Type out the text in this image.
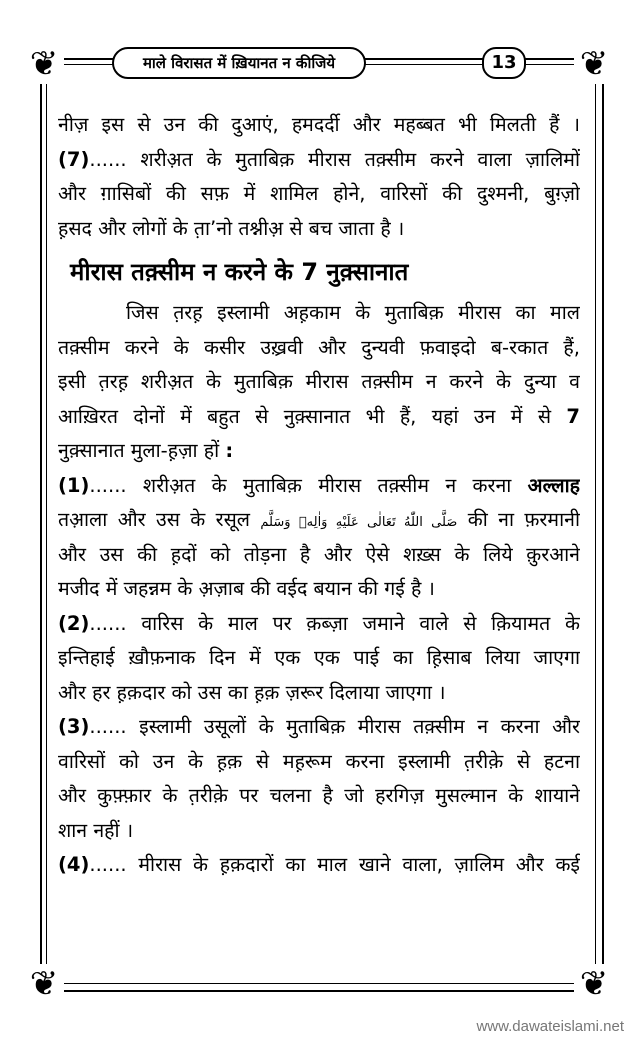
❦	❦
❦	❦
माले विरासत में ख़ियानत न कीजिये	13
नीज़ इस से उन की दुआएं, हमदर्दी और महब्बत भी मिलती हैं ।
(7)...... शरीअ़त के मुताबिक़ मीरास तक़्सीम करने वाला ज़ालिमों
और ग़ासिबों की सफ़ में शामिल होने, वारिसों की दुश्मनी, बुग़्ज़ो
ह़सद और लोगों के त़ा’नो तश्नीअ़ से बच जाता है ।
मीरास तक़्सीम न करने के 7 नुक़्सानात
जिस त़रह़ इस्लामी अह़काम के मुताबिक़ मीरास का माल
तक़्सीम करने के कसीर उख़्रवी और दुन्यवी फ़वाइदो ब-रकात हैं,
इसी त़रह़ शरीअ़त के मुताबिक़ मीरास तक़्सीम न करने के दुन्या व
आख़िरत दोनों में बहुत से नुक़्सानात भी हैं, यहां उन में से 7
नुक़्सानात मुला-ह़ज़ा हों :
(1)...... शरीअ़त के मुताबिक़ मीरास तक़्सीम न करना अल्लाह
तआ़ला और उस के रसूल صَلَّى اللّٰهُ تَعَالٰى عَلَيْهِ وَاٰلِهٖ وَسَلَّم की ना फ़रमानी
और उस की ह़दों को तोड़ना है और ऐसे शख़्स के लिये क़ुरआने
मजीद में जहन्नम के अ़ज़ाब की वईद बयान की गई है ।
(2)...... वारिस के माल पर क़ब्ज़ा जमाने वाले से क़ियामत के
इन्तिहाई ख़ौफ़नाक दिन में एक एक पाई का ह़िसाब लिया जाएगा
और हर ह़क़दार को उस का ह़क़ ज़रूर दिलाया जाएगा ।
(3)...... इस्लामी उसूलों के मुताबिक़ मीरास तक़्सीम न करना और
वारिसों को उन के ह़क़ से मह़रूम करना इस्लामी त़रीक़े से हटना
और कुफ़्फ़ार के त़रीक़े पर चलना है जो हरगिज़ मुसल्मान के शायाने
शान नहीं ।
(4)...... मीरास के ह़क़दारों का माल खाने वाला, ज़ालिम और कई
www.dawateislami.net
